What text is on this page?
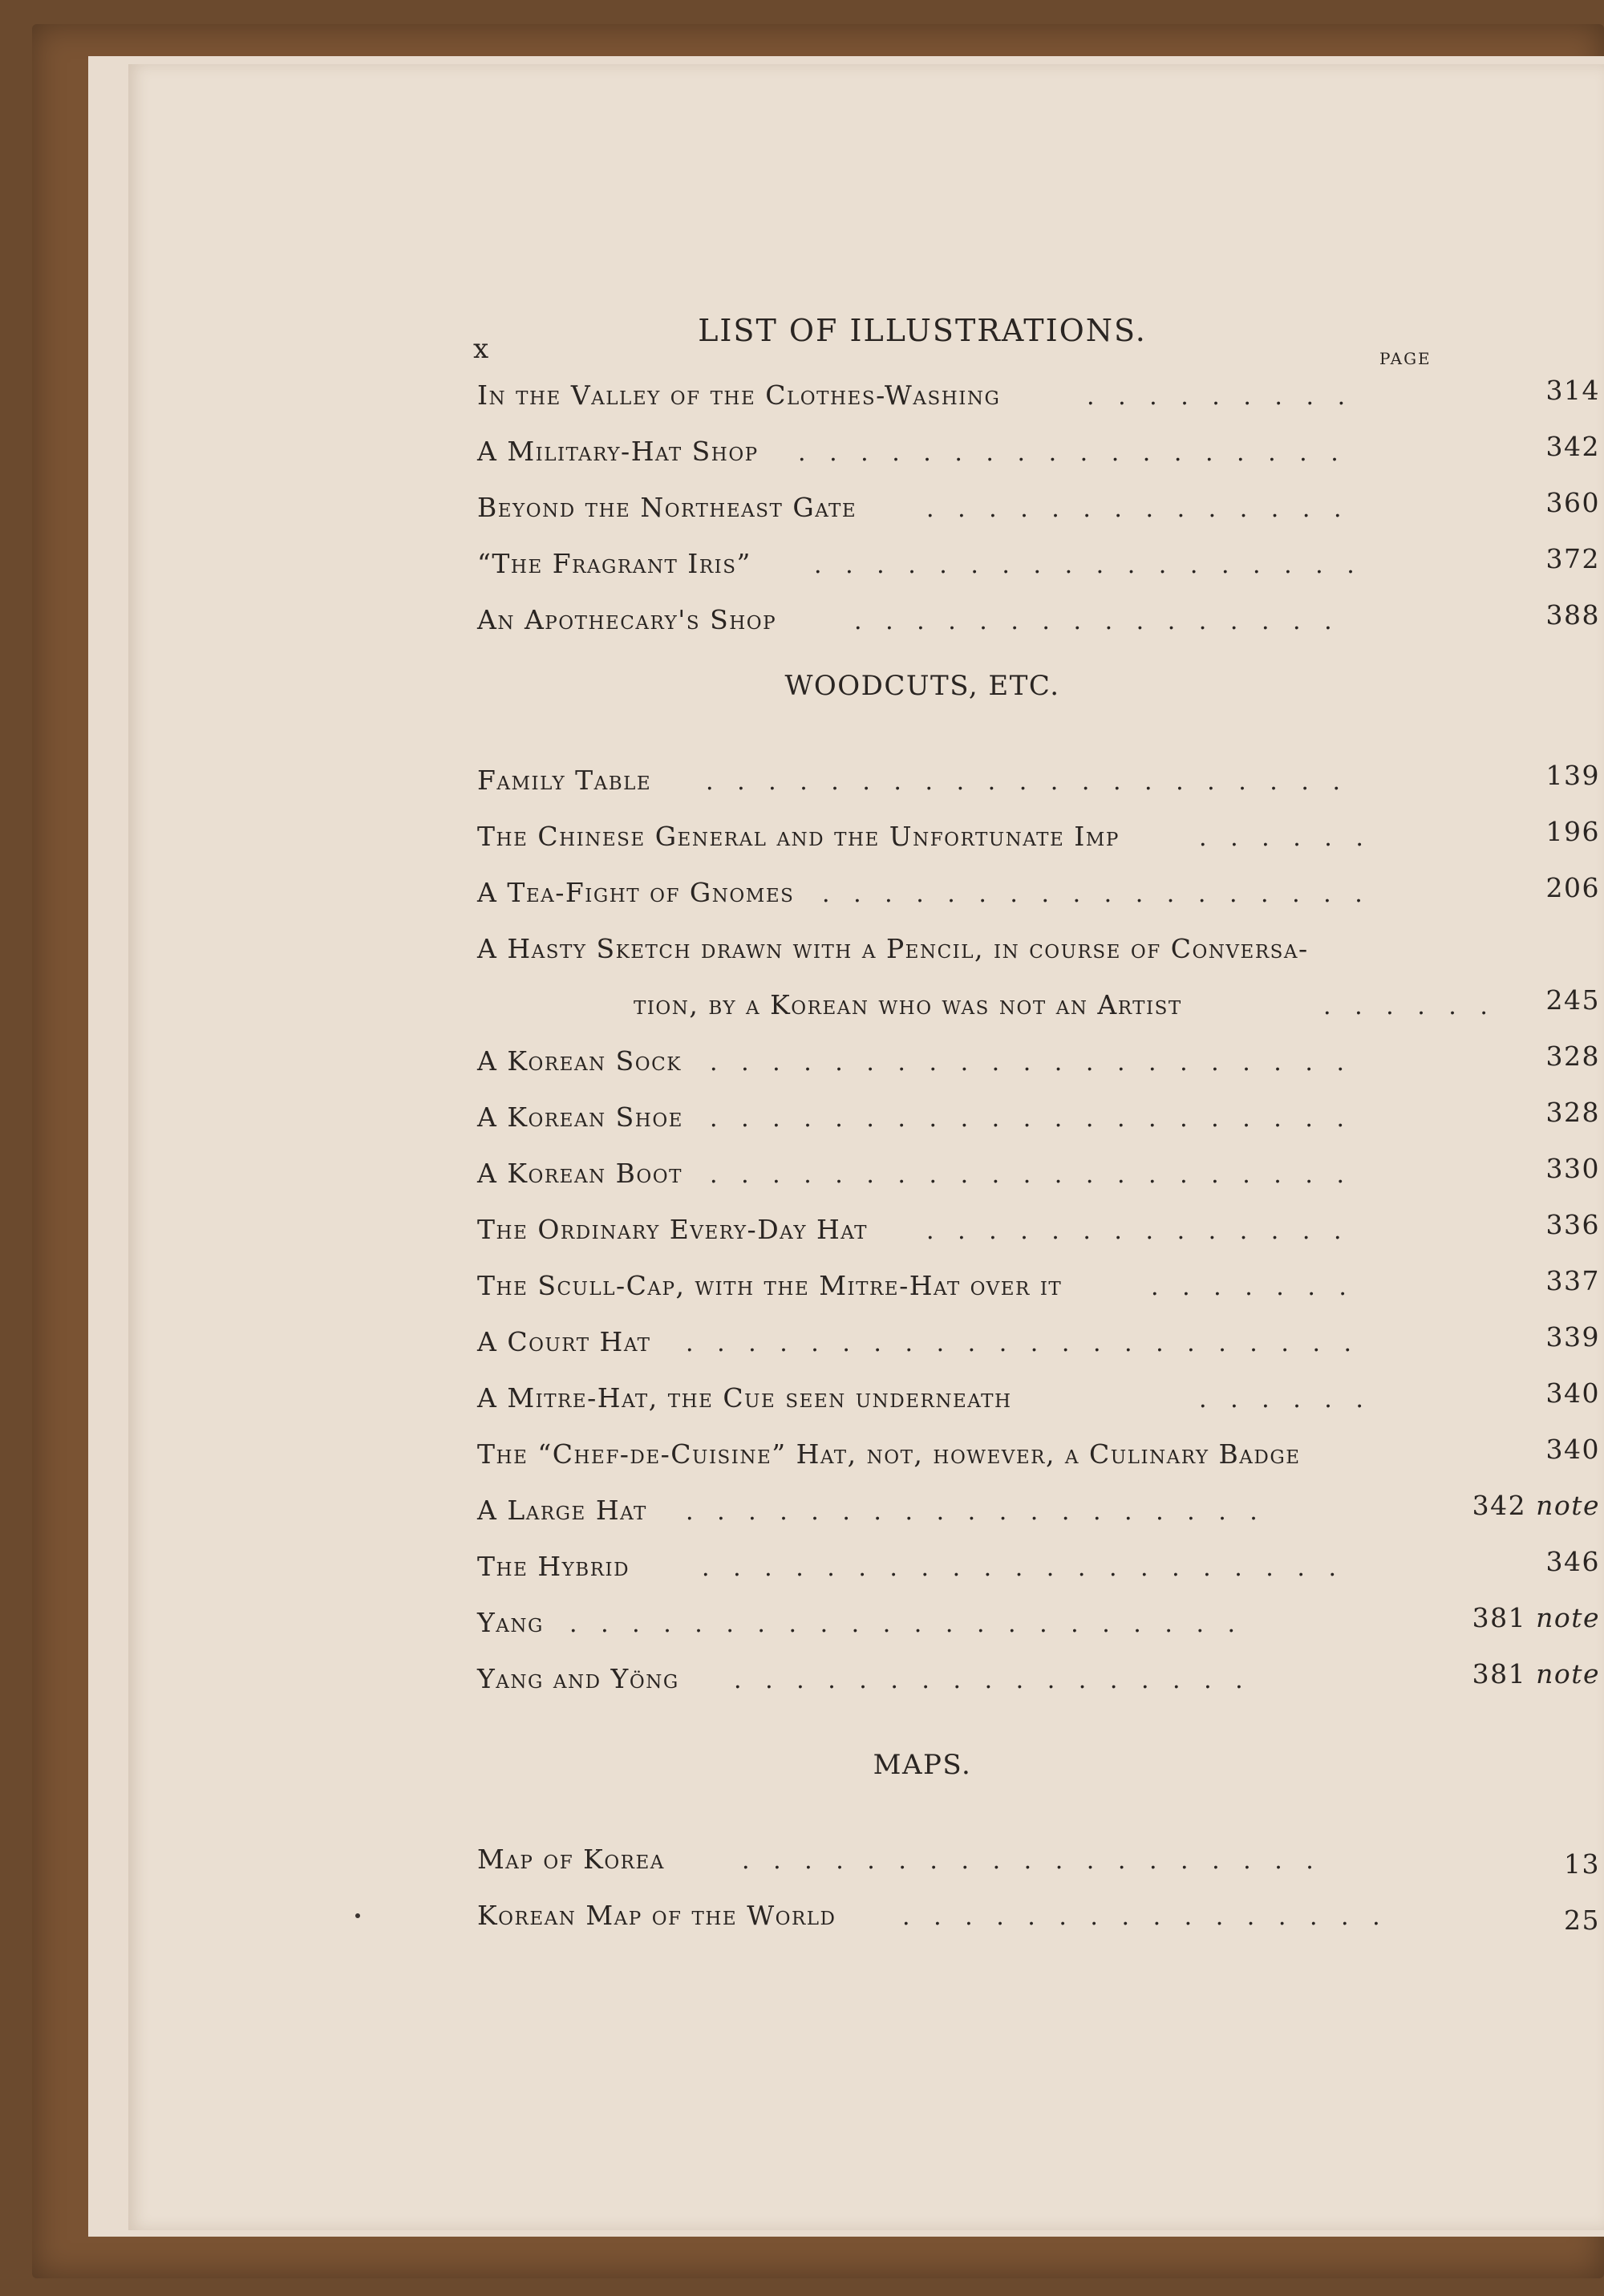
x
LIST OF ILLUSTRATIONS.
PAGE
In the Valley of the Clothes-Washing	. . . . . . . . .	314
A Military-Hat Shop . . . . . . . . . . . . . . . . . .	342
Beyond the Northeast Gate	. . . . . . . . . . . . . .	360
“The Fragrant Iris”	. . . . . . . . . . . . . . . . . .	372
An Apothecary's Shop	. . . . . . . . . . . . . . . .	388
WOODCUTS, ETC.
Family Table . . . . . . . . . . . . . . . . . . . . .	139
The Chinese General and the Unfortunate Imp	. . . . . .	196
A Tea-Fight of Gnomes . . . . . . . . . . . . . . . . . .	206
A Hasty Sketch drawn with a Pencil, in course of Conversa-
tion, by a Korean who was not an Artist	. . . . . . 245
A Korean Sock . . . . . . . . . . . . . . . . . . . . .	328
A Korean Shoe . . . . . . . . . . . . . . . . . . . . .	328
A Korean Boot . . . . . . . . . . . . . . . . . . . . .	330
The Ordinary Every-Day Hat . . . . . . . . . . . . . .	336
The Scull-Cap, with the Mitre-Hat over it	. . . . . . .	337
A Court Hat . . . . . . . . . . . . . . . . . . . . . .	339
A Mitre-Hat, the Cue seen underneath	. . . . . .	340
The “Chef-de-Cuisine” Hat, not, however, a Culinary Badge	340
A Large Hat . . . . . . . . . . . . . . . . . . .	342 note
The Hybrid	. . . . . . . . . . . . . . . . . . . . .	346
Yang . . . . . . . . . . . . . . . . . . . . . .	381 note
Yang and Yöng . . . . . . . . . . . . . . . . .	381 note
MAPS.
Map of Korea	. . . . . . . . . . . . . . . . . . .	13
Korean Map of the World	. . . . . . . . . . . . . . . .	25
